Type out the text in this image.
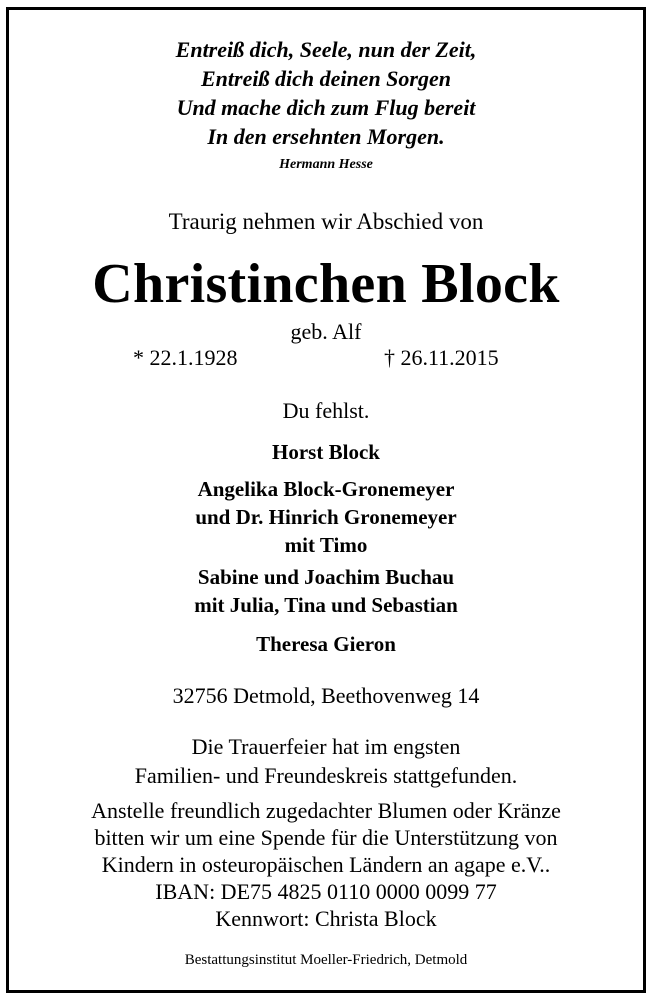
Entreiß dich, Seele, nun der Zeit,
Entreiß dich deinen Sorgen
Und mache dich zum Flug bereit
In den ersehnten Morgen.
Hermann Hesse
Traurig nehmen wir Abschied von
Christinchen Block
geb. Alf
* 22.1.1928	† 26.11.2015
Du fehlst.
Horst Block
Angelika Block-Gronemeyer
und Dr. Hinrich Gronemeyer
mit Timo
Sabine und Joachim Buchau
mit Julia, Tina und Sebastian
Theresa Gieron
32756 Detmold, Beethovenweg 14
Die Trauerfeier hat im engsten
Familien- und Freundeskreis stattgefunden.
Anstelle freundlich zugedachter Blumen oder Kränze
bitten wir um eine Spende für die Unterstützung von
Kindern in osteuropäischen Ländern an agape e.V..
IBAN: DE75 4825 0110 0000 0099 77
Kennwort: Christa Block
Bestattungsinstitut Moeller-Friedrich, Detmold
